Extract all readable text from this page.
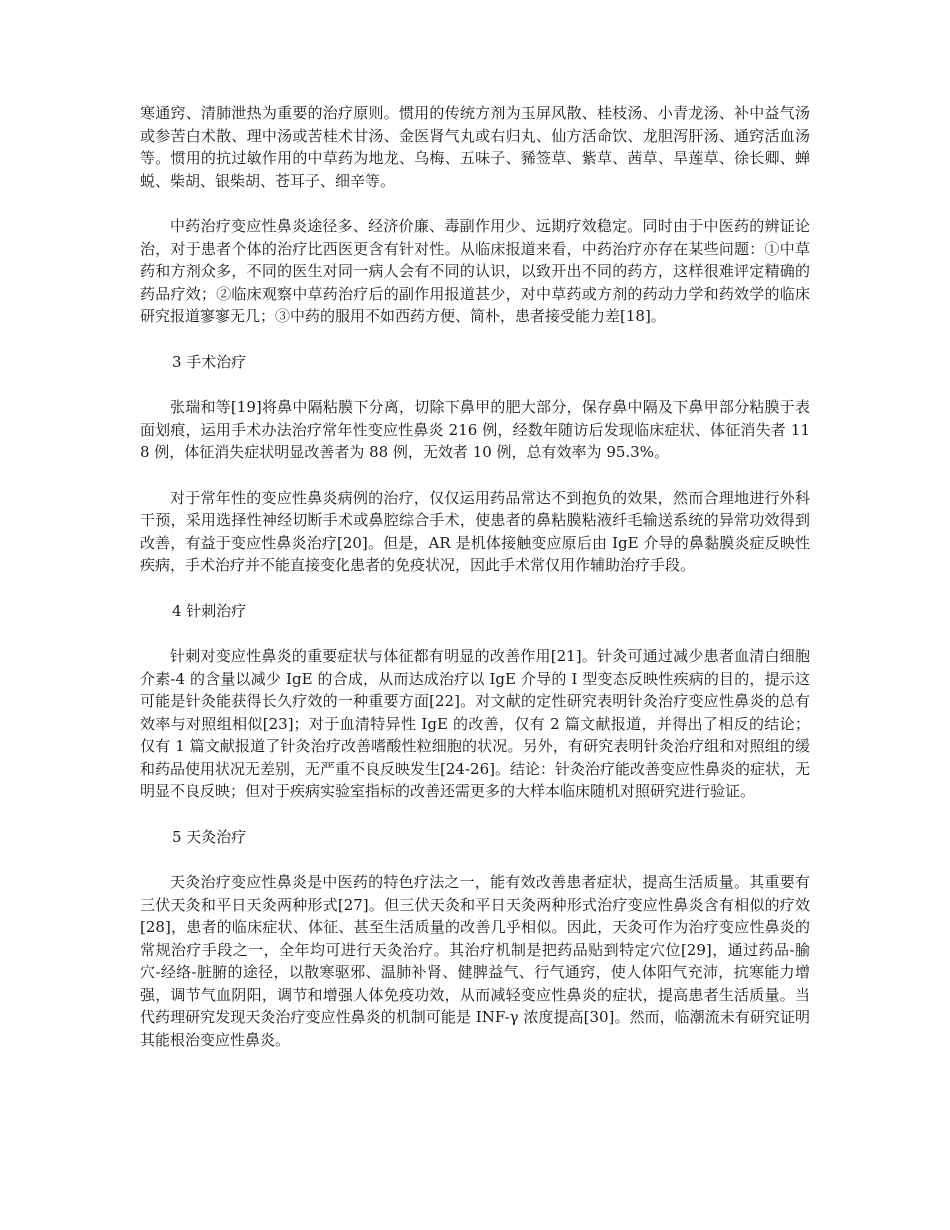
寒通窍、清肺泄热为重要的治疗原则。惯用的传统方剂为玉屏风散、桂枝汤、小青龙汤、补中益气汤或参苦白术散、理中汤或苦桂术甘汤、金医肾气丸或右归丸、仙方活命饮、龙胆泻肝汤、通窍活血汤等。惯用的抗过敏作用的中草药为地龙、乌梅、五味子、豨签草、紫草、茜草、旱莲草、徐长卿、蝉蜕、柴胡、银柴胡、苍耳子、细辛等。

中药治疗变应性鼻炎途径多、经济价廉、毒副作用少、远期疗效稳定。同时由于中医药的辨证论治，对于患者个体的治疗比西医更含有针对性。从临床报道来看，中药治疗亦存在某些问题：①中草药和方剂众多，不同的医生对同一病人会有不同的认识，以致开出不同的药方，这样很难评定精确的药品疗效；②临床观察中草药治疗后的副作用报道甚少，对中草药或方剂的药动力学和药效学的临床研究报道寥寥无几；③中药的服用不如西药方便、简朴，患者接受能力差[18]。

3 手术治疗

张瑞和等[19]将鼻中隔粘膜下分离，切除下鼻甲的肥大部分，保存鼻中隔及下鼻甲部分粘膜于表面划痕，运用手术办法治疗常年性变应性鼻炎 216 例，经数年随访后发现临床症状、体征消失者 118 例，体征消失症状明显改善者为 88 例，无效者 10 例，总有效率为 95.3%。

对于常年性的变应性鼻炎病例的治疗，仅仅运用药品常达不到抱负的效果，然而合理地进行外科干预，采用选择性神经切断手术或鼻腔综合手术，使患者的鼻粘膜粘液纤毛输送系统的异常功效得到改善，有益于变应性鼻炎治疗[20]。但是，AR 是机体接触变应原后由 IgE 介导的鼻黏膜炎症反映性疾病，手术治疗并不能直接变化患者的免疫状况，因此手术常仅用作辅助治疗手段。

4 针刺治疗

针刺对变应性鼻炎的重要症状与体征都有明显的改善作用[21]。针灸可通过减少患者血清白细胞介素-4 的含量以减少 IgE 的合成，从而达成治疗以 IgE 介导的 I 型变态反映性疾病的目的，提示这可能是针灸能获得长久疗效的一种重要方面[22]。对文献的定性研究表明针灸治疗变应性鼻炎的总有效率与对照组相似[23]；对于血清特异性 IgE 的改善，仅有 2 篇文献报道，并得出了相反的结论；仅有 1 篇文献报道了针灸治疗改善嗜酸性粒细胞的状况。另外，有研究表明针灸治疗组和对照组的缓和药品使用状况无差别，无严重不良反映发生[24-26]。结论：针灸治疗能改善变应性鼻炎的症状，无明显不良反映；但对于疾病实验室指标的改善还需更多的大样本临床随机对照研究进行验证。

5 天灸治疗

天灸治疗变应性鼻炎是中医药的特色疗法之一，能有效改善患者症状，提高生活质量。其重要有三伏天灸和平日天灸两种形式[27]。但三伏天灸和平日天灸两种形式治疗变应性鼻炎含有相似的疗效[28]，患者的临床症状、体征、甚至生活质量的改善几乎相似。因此，天灸可作为治疗变应性鼻炎的常规治疗手段之一，全年均可进行天灸治疗。其治疗机制是把药品贴到特定穴位[29]，通过药品-腧穴-经络-脏腑的途径，以散寒驱邪、温肺补肾、健脾益气、行气通窍，使人体阳气充沛，抗寒能力增强，调节气血阴阳，调节和增强人体免疫功效，从而减轻变应性鼻炎的症状，提高患者生活质量。当代药理研究发现天灸治疗变应性鼻炎的机制可能是 INF-γ 浓度提高[30]。然而，临潮流未有研究证明其能根治变应性鼻炎。
